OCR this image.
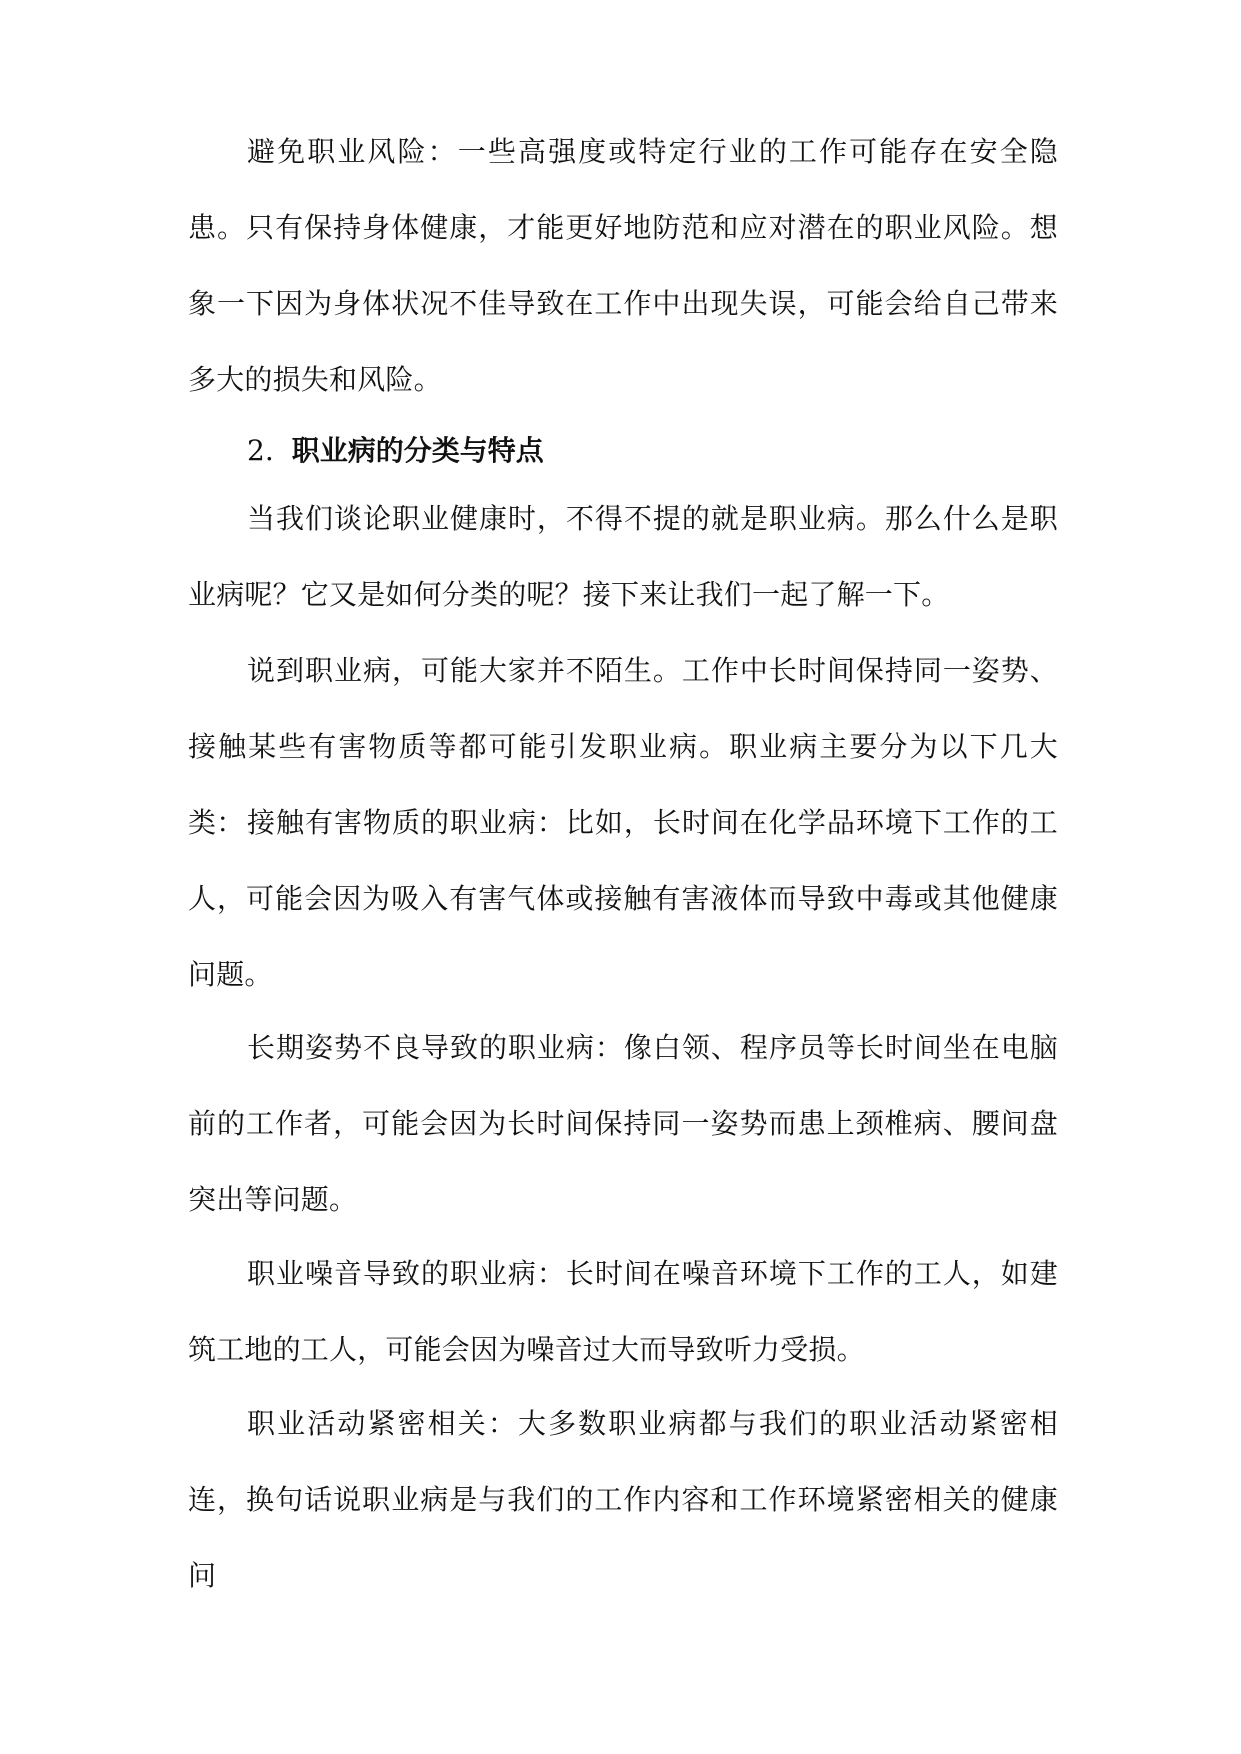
避免职业风险：一些高强度或特定行业的工作可能存在安全隐患。只有保持身体健康，才能更好地防范和应对潜在的职业风险。想象一下因为身体状况不佳导致在工作中出现失误，可能会给自己带来多大的损失和风险。

2. 职业病的分类与特点

当我们谈论职业健康时，不得不提的就是职业病。那么什么是职业病呢？它又是如何分类的呢？接下来让我们一起了解一下。

说到职业病，可能大家并不陌生。工作中长时间保持同一姿势、接触某些有害物质等都可能引发职业病。职业病主要分为以下几大类： 接触有害物质的职业病：比如，长时间在化学品环境下工作的工人，可能会因为吸入有害气体或接触有害液体而导致中毒或其他健康问题。

长期姿势不良导致的职业病：像白领、程序员等长时间坐在电脑前的工作者，可能会因为长时间保持同一姿势而患上颈椎病、腰间盘突出等问题。

职业噪音导致的职业病：长时间在噪音环境下工作的工人，如建筑工地的工人，可能会因为噪音过大而导致听力受损。

职业活动紧密相关：大多数职业病都与我们的职业活动紧密相连，换句话说职业病是与我们的工作内容和工作环境紧密相关的健康问
